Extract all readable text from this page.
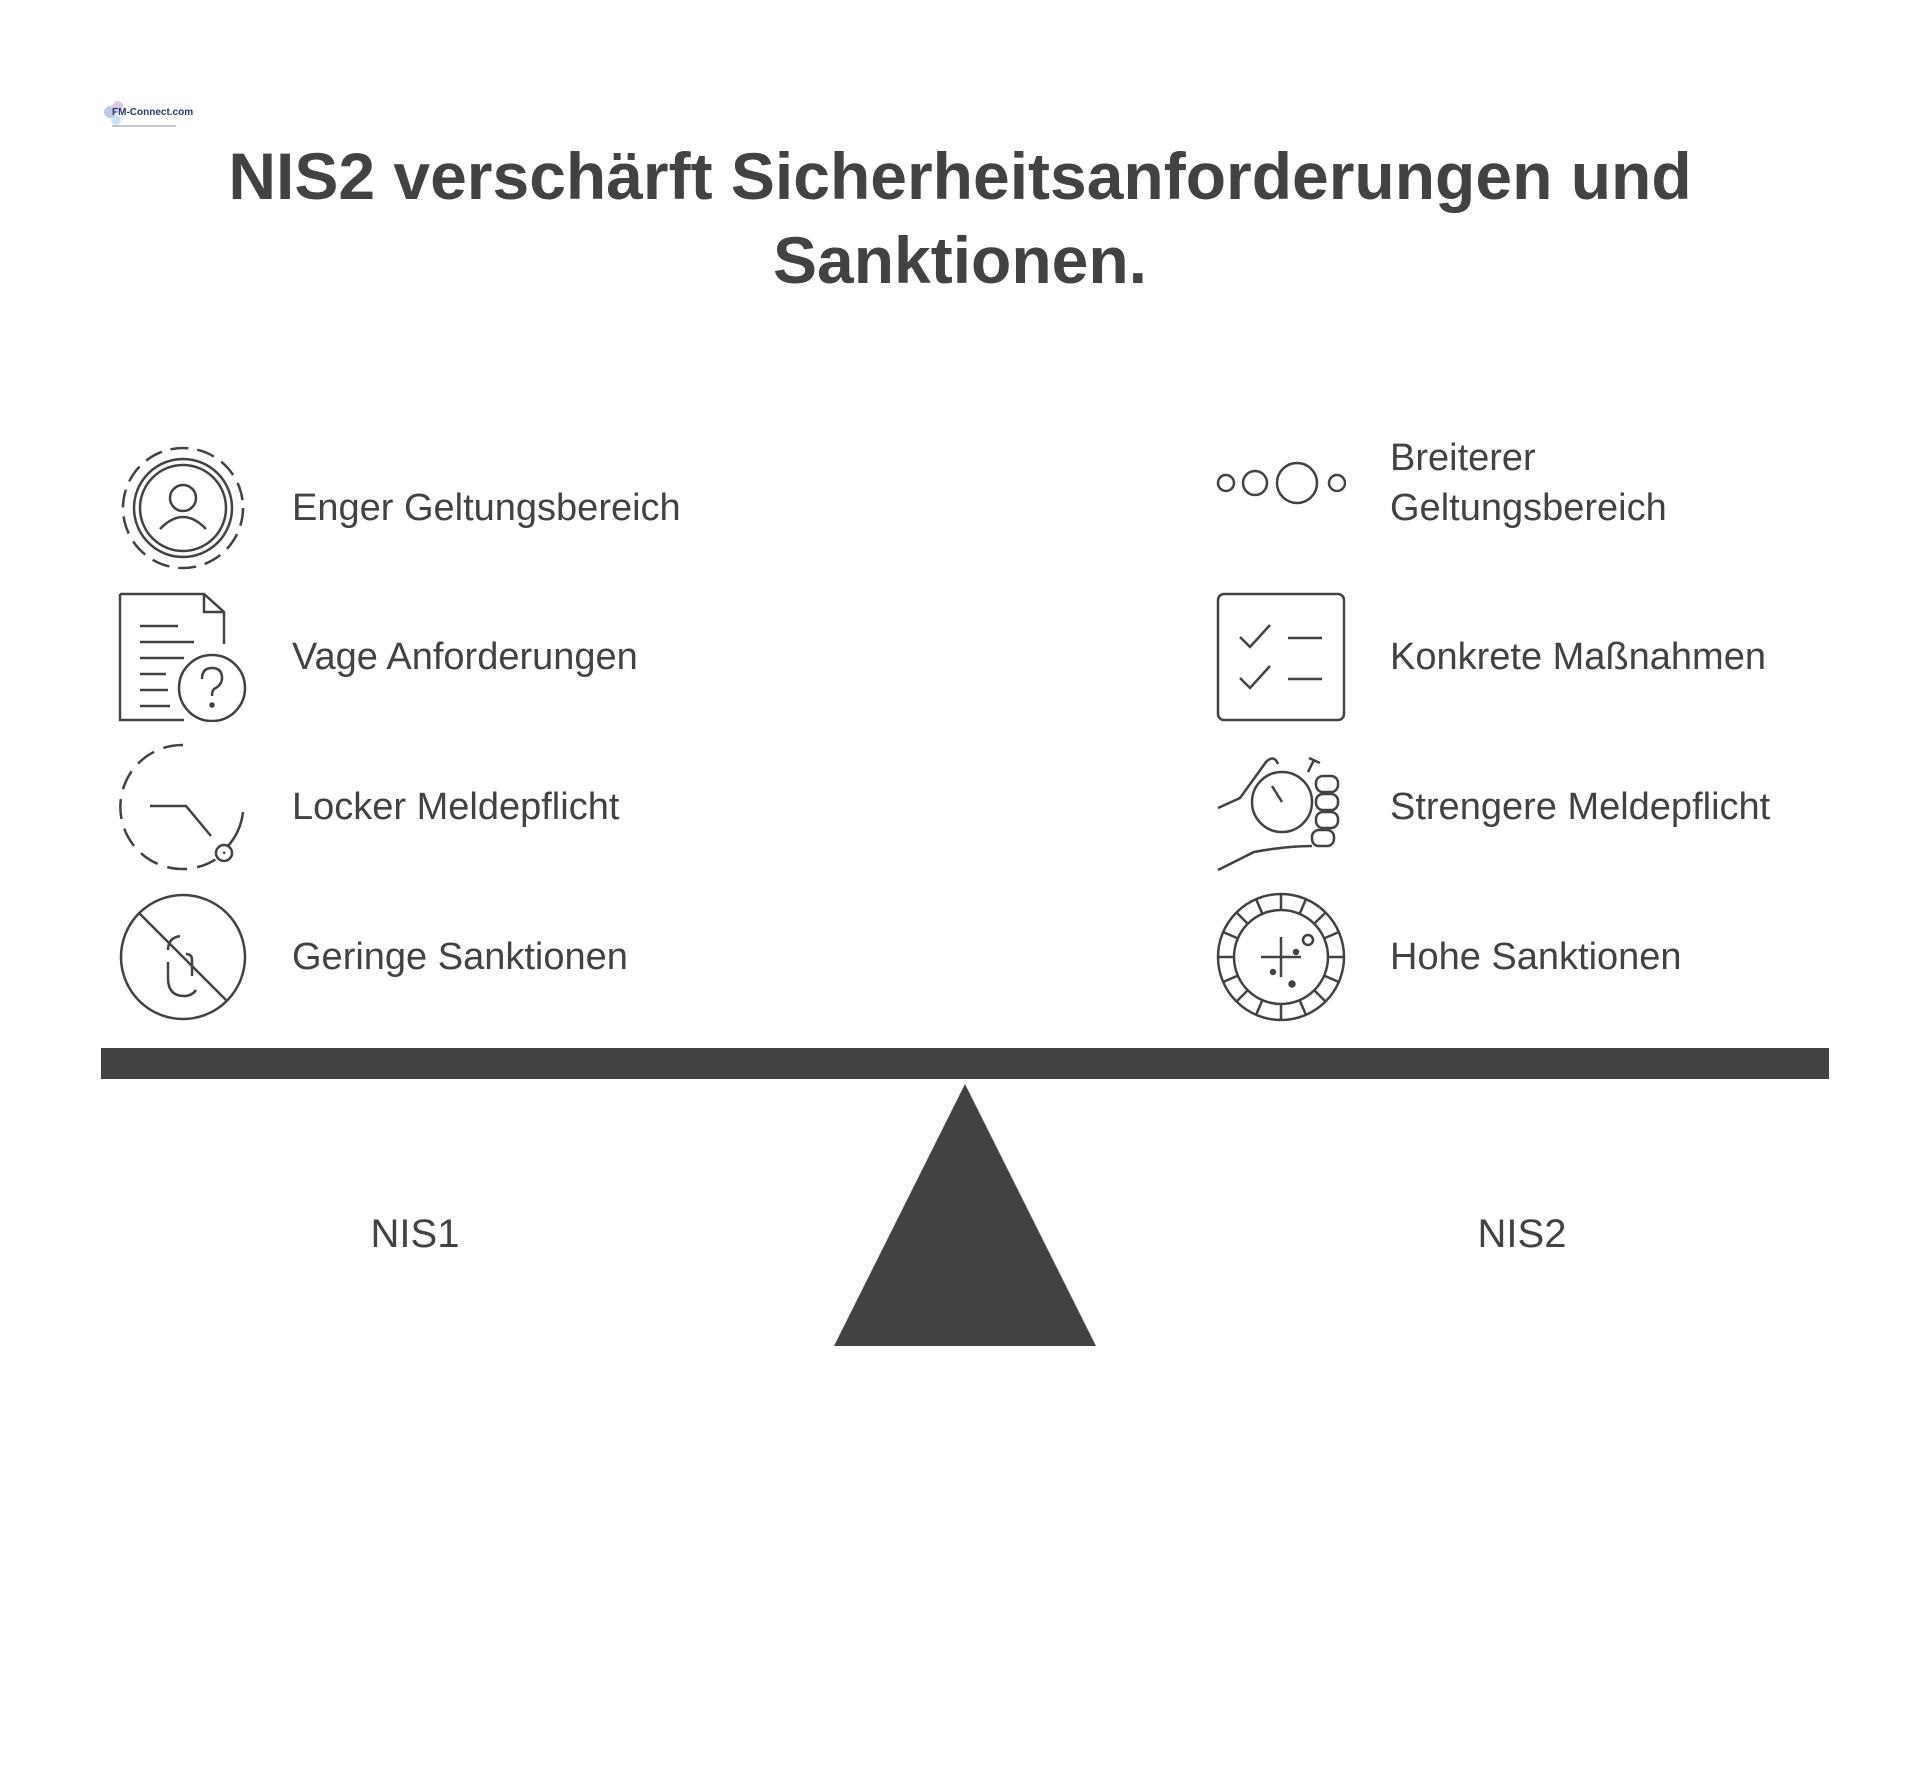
FM-Connect.com
NIS2 verschärft Sicherheitsanforderungen und Sanktionen.
Enger Geltungsbereich
Vage Anforderungen
Locker Meldepflicht
Geringe Sanktionen
Breiterer Geltungsbereich
Konkrete Maßnahmen
Strengere Meldepflicht
Hohe Sanktionen
NIS1	NIS2
